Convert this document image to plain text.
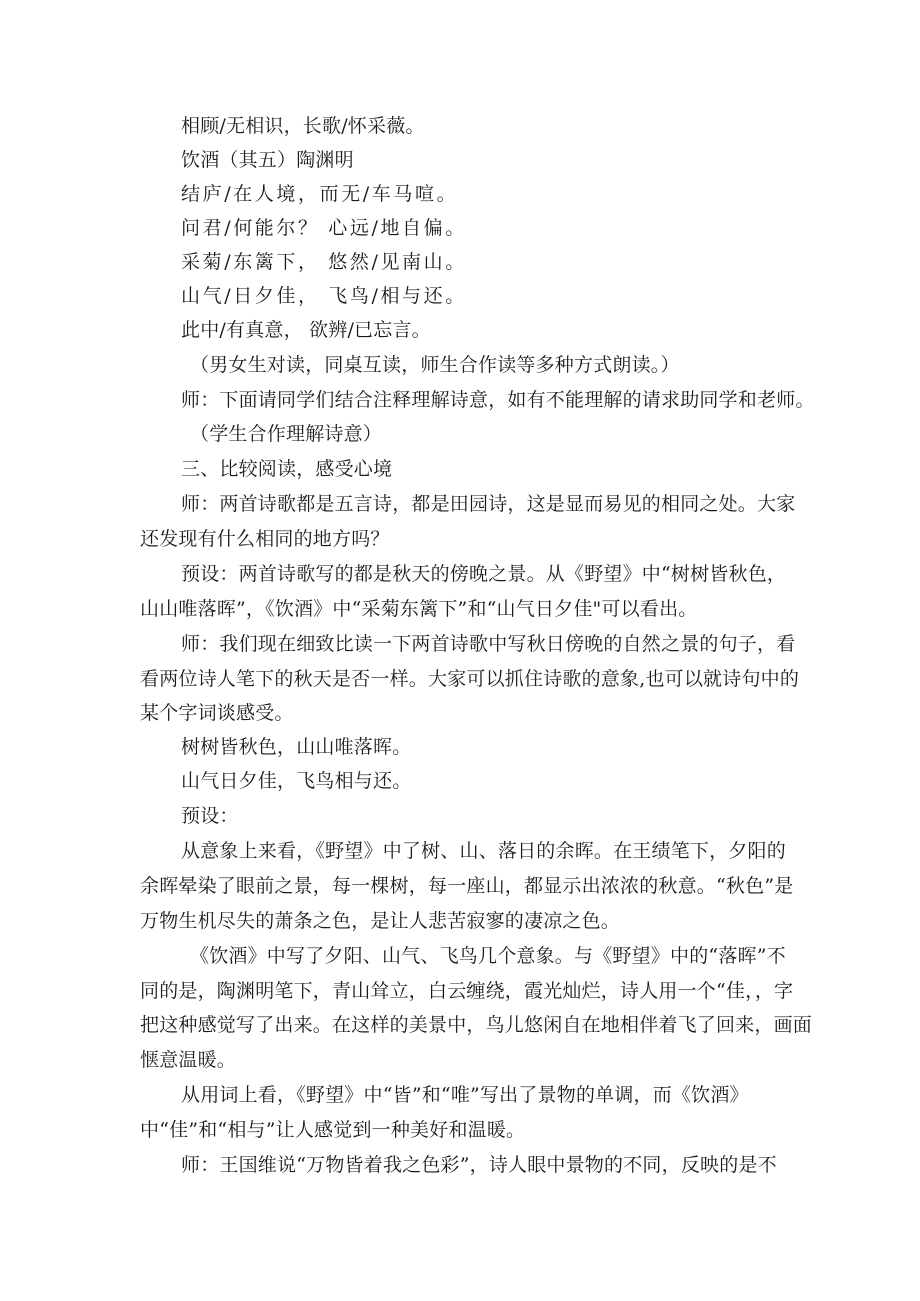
相顾/无相识，长歌/怀采薇。
饮酒（其五）陶渊明
结庐/在人境，而无/车马喧。
问君/何能尔？ 心远/地自偏。
采菊/东篱下， 悠然/见南山。
山气/日夕佳， 飞鸟/相与还。
此中/有真意， 欲辨/已忘言。
（男女生对读，同桌互读，师生合作读等多种方式朗读。）
师：下面请同学们结合注释理解诗意，如有不能理解的请求助同学和老师。
（学生合作理解诗意）
三、比较阅读，感受心境
师：两首诗歌都是五言诗，都是田园诗，这是显而易见的相同之处。大家
还发现有什么相同的地方吗？
预设：两首诗歌写的都是秋天的傍晚之景。从《野望》中“树树皆秋色，
山山唯落晖”，《饮酒》中“采菊东篱下”和“山气日夕佳"可以看出。
师：我们现在细致比读一下两首诗歌中写秋日傍晚的自然之景的句子，看
看两位诗人笔下的秋天是否一样。大家可以抓住诗歌的意象,也可以就诗句中的
某个字词谈感受。
树树皆秋色，山山唯落晖。
山气日夕佳，飞鸟相与还。
预设：
从意象上来看，《野望》中了树、山、落日的余晖。在王绩笔下，夕阳的
余晖晕染了眼前之景，每一棵树，每一座山，都显示出浓浓的秋意。“秋色”是
万物生机尽失的萧条之色，是让人悲苦寂寥的凄凉之色。
《饮酒》中写了夕阳、山气、飞鸟几个意象。与《野望》中的“落晖”不
同的是，陶渊明笔下，青山耸立，白云缠绕，霞光灿烂，诗人用一个“佳，，字
把这种感觉写了出来。在这样的美景中，鸟儿悠闲自在地相伴着飞了回来，画面
惬意温暖。
从用词上看，《野望》中“皆”和“唯”写出了景物的单调，而《饮酒》
中“佳”和“相与”让人感觉到一种美好和温暖。
师：王国维说“万物皆着我之色彩”，诗人眼中景物的不同，反映的是不
